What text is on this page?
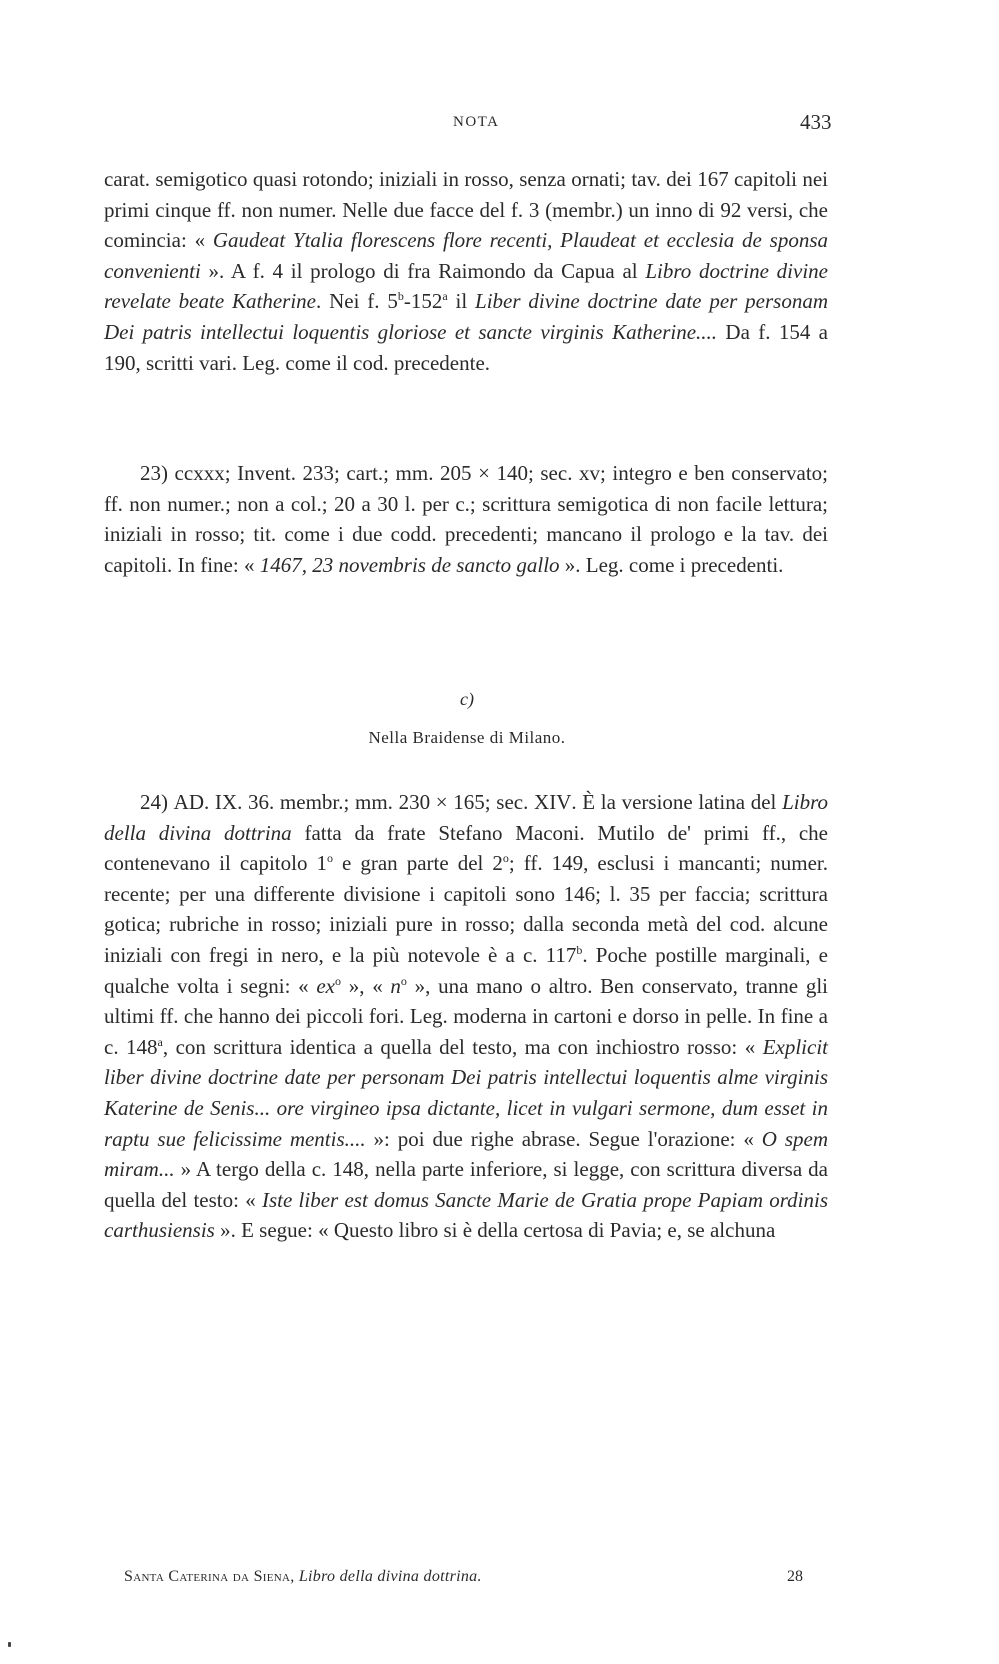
NOTA	433
carat. semigotico quasi rotondo; iniziali in rosso, senza ornati; tav. dei 167 capitoli nei primi cinque ff. non numer. Nelle due facce del f. 3 (membr.) un inno di 92 versi, che comincia: « Gaudeat Ytalia florescens flore recenti, Plaudeat et ecclesia de sponsa convenienti ». A f. 4 il prologo di fra Raimondo da Capua al Libro doctrine divine revelate beate Katherine. Nei f. 5$^b$-152$^a$ il Liber divine doctrine date per personam Dei patris intellectui loquentis gloriose et sancte virginis Katherine.... Da f. 154 a 190, scritti vari. Leg. come il cod. precedente.
23) ccxxx; Invent. 233; cart.; mm. 205 × 140; sec. xv; integro e ben conservato; ff. non numer.; non a col.; 20 a 30 l. per c.; scrittura semigotica di non facile lettura; iniziali in rosso; tit. come i due codd. precedenti; mancano il prologo e la tav. dei capitoli. In fine: « 1467, 23 novembris de sancto gallo ». Leg. come i precedenti.
c)
Nella Braidense di Milano.
24) AD. IX. 36. membr.; mm. 230 × 165; sec. XIV. È la versione latina del Libro della divina dottrina fatta da frate Stefano Maconi. Mutilo de' primi ff., che contenevano il capitolo 1$^o$ e gran parte del 2$^o$; ff. 149, esclusi i mancanti; numer. recente; per una differente divisione i capitoli sono 146; l. 35 per faccia; scrittura gotica; rubriche in rosso; iniziali pure in rosso; dalla seconda metà del cod. alcune iniziali con fregi in nero, e la più notevole è a c. 117$^b$. Poche postille marginali, e qualche volta i segni: « $ex^o$ », « $n^o$ », una mano o altro. Ben conservato, tranne gli ultimi ff. che hanno dei piccoli fori. Leg. moderna in cartoni e dorso in pelle. In fine a c. 148$^a$, con scrittura identica a quella del testo, ma con inchiostro rosso: « Explicit liber divine doctrine date per personam Dei patris intellectui loquentis alme virginis Katerine de Senis... ore virgineo ipsa dictante, licet in vulgari sermone, dum esset in raptu sue felicissime mentis.... »: poi due righe abrase. Segue l'orazione: « O spem miram... » A tergo della c. 148, nella parte inferiore, si legge, con scrittura diversa da quella del testo: « Iste liber est domus Sancte Marie de Gratia prope Papiam ordinis carthusiensis ». E segue: « Questo libro si è della certosa di Pavia; e, se alchuna
Santa Caterina da Siena, Libro della divina dottrina.	28
